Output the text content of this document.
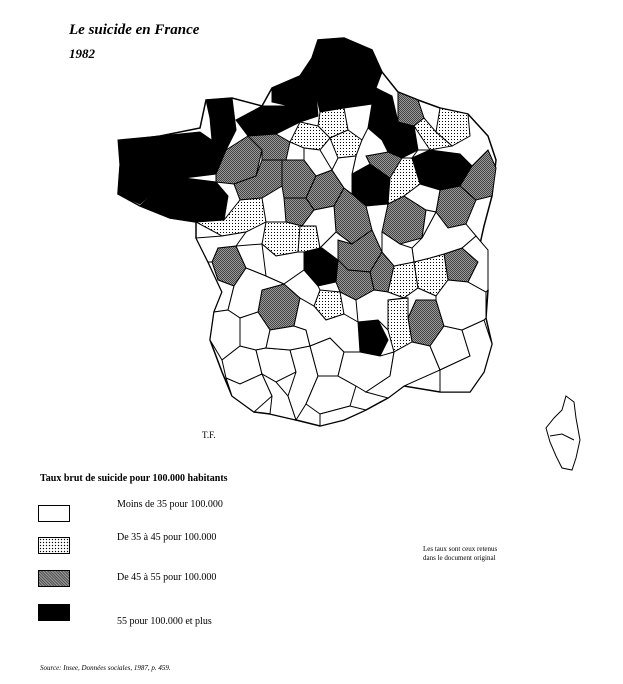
Le suicide en France
1982
T.F.
Taux brut de suicide pour 100.000 habitants
Moins de 35 pour 100.000
De 35 à 45 pour 100.000
De 45 à 55 pour 100.000
55 pour 100.000 et plus
Les taux sont ceux retenus
dans le document original
Source: Insee, Données sociales, 1987, p. 459.
